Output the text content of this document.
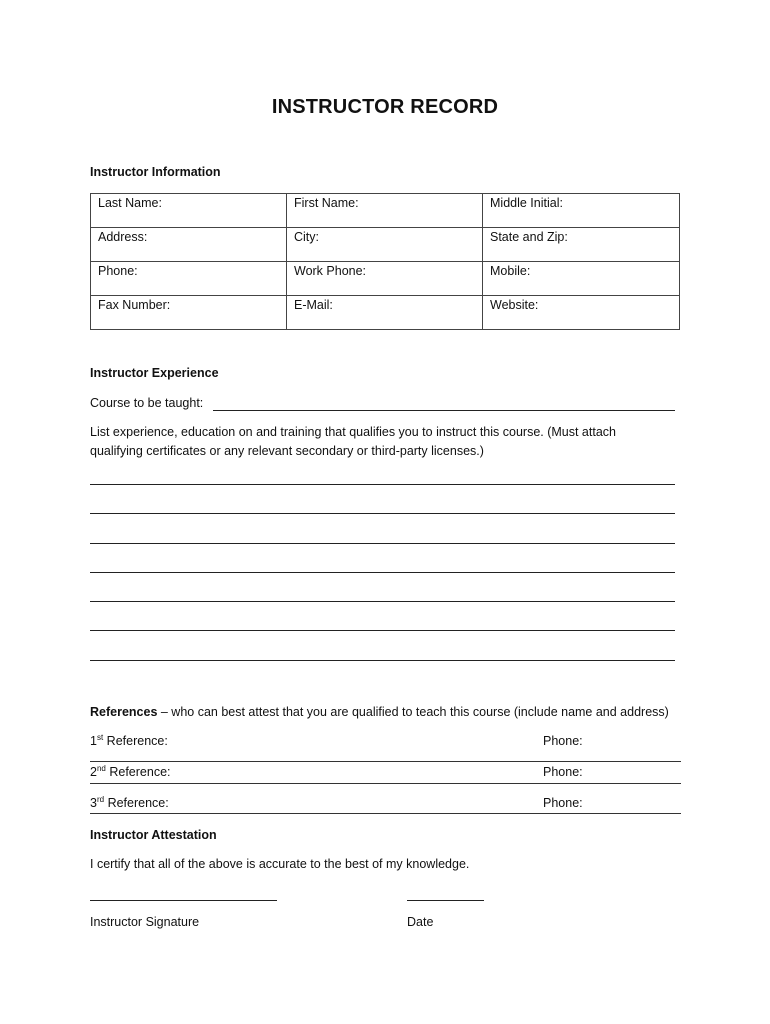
INSTRUCTOR RECORD
Instructor Information
Last Name:	First Name:	Middle Initial:
Address:	City:	State and Zip:
Phone:	Work Phone:	Mobile:
Fax Number:	E-Mail:	Website:
Instructor Experience
Course to be taught:
List experience, education on and training that qualifies you to instruct this course. (Must attach
qualifying certificates or any relevant secondary or third-party licenses.)
References – who can best attest that you are qualified to teach this course (include name and address)
1st Reference:	Phone:
2nd Reference:	Phone:
3rd Reference:	Phone:
Instructor Attestation
I certify that all of the above is accurate to the best of my knowledge.
Instructor Signature	Date
